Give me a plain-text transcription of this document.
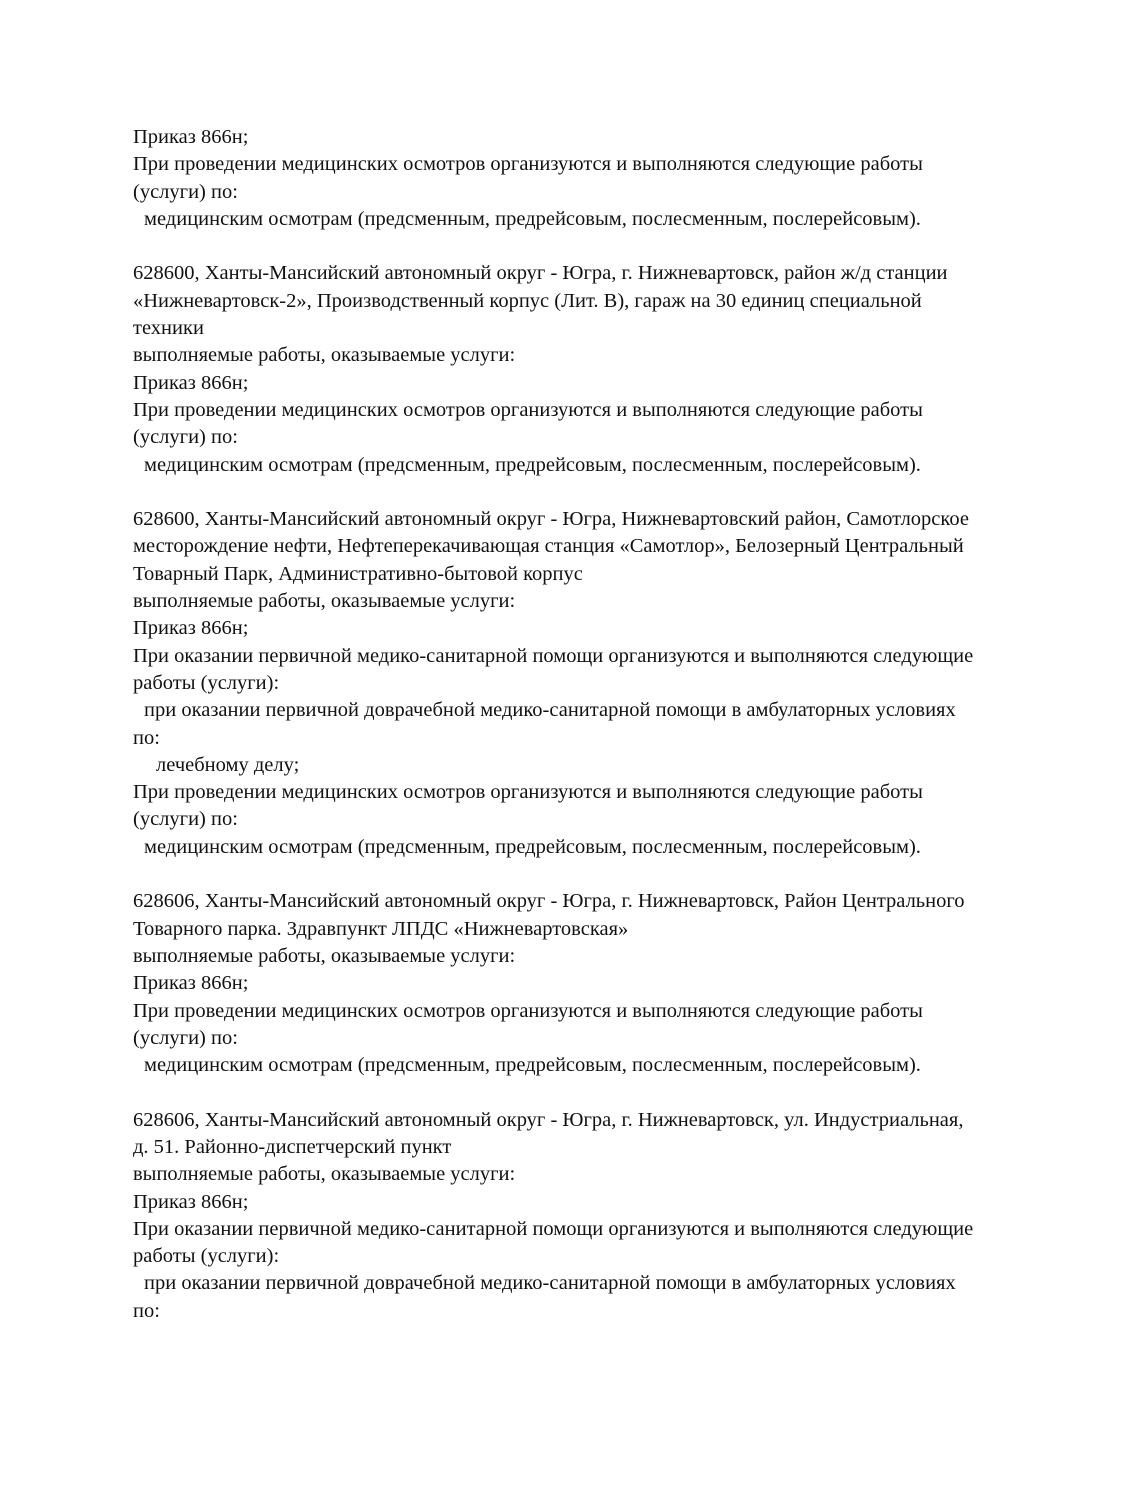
Приказ 866н;
При проведении медицинских осмотров организуются и выполняются следующие работы
(услуги) по:
медицинским осмотрам (предсменным, предрейсовым, послесменным, послерейсовым).
628600, Ханты-Мансийский автономный округ - Югра, г. Нижневартовск, район ж/д станции
«Нижневартовск-2», Производственный корпус (Лит. В), гараж на 30 единиц специальной
техники
выполняемые работы, оказываемые услуги:
Приказ 866н;
При проведении медицинских осмотров организуются и выполняются следующие работы
(услуги) по:
медицинским осмотрам (предсменным, предрейсовым, послесменным, послерейсовым).
628600, Ханты-Мансийский автономный округ - Югра, Нижневартовский район, Самотлорское
месторождение нефти, Нефтеперекачивающая станция «Самотлор», Белозерный Центральный
Товарный Парк, Административно-бытовой корпус
выполняемые работы, оказываемые услуги:
Приказ 866н;
При оказании первичной медико-санитарной помощи организуются и выполняются следующие
работы (услуги):
при оказании первичной доврачебной медико-санитарной помощи в амбулаторных условиях
по:
лечебному делу;
При проведении медицинских осмотров организуются и выполняются следующие работы
(услуги) по:
медицинским осмотрам (предсменным, предрейсовым, послесменным, послерейсовым).
628606, Ханты-Мансийский автономный округ - Югра, г. Нижневартовск, Район Центрального
Товарного парка. Здравпункт ЛПДС «Нижневартовская»
выполняемые работы, оказываемые услуги:
Приказ 866н;
При проведении медицинских осмотров организуются и выполняются следующие работы
(услуги) по:
медицинским осмотрам (предсменным, предрейсовым, послесменным, послерейсовым).
628606, Ханты-Мансийский автономный округ - Югра, г. Нижневартовск, ул. Индустриальная,
д. 51. Районно-диспетчерский пункт
выполняемые работы, оказываемые услуги:
Приказ 866н;
При оказании первичной медико-санитарной помощи организуются и выполняются следующие
работы (услуги):
при оказании первичной доврачебной медико-санитарной помощи в амбулаторных условиях
по:
